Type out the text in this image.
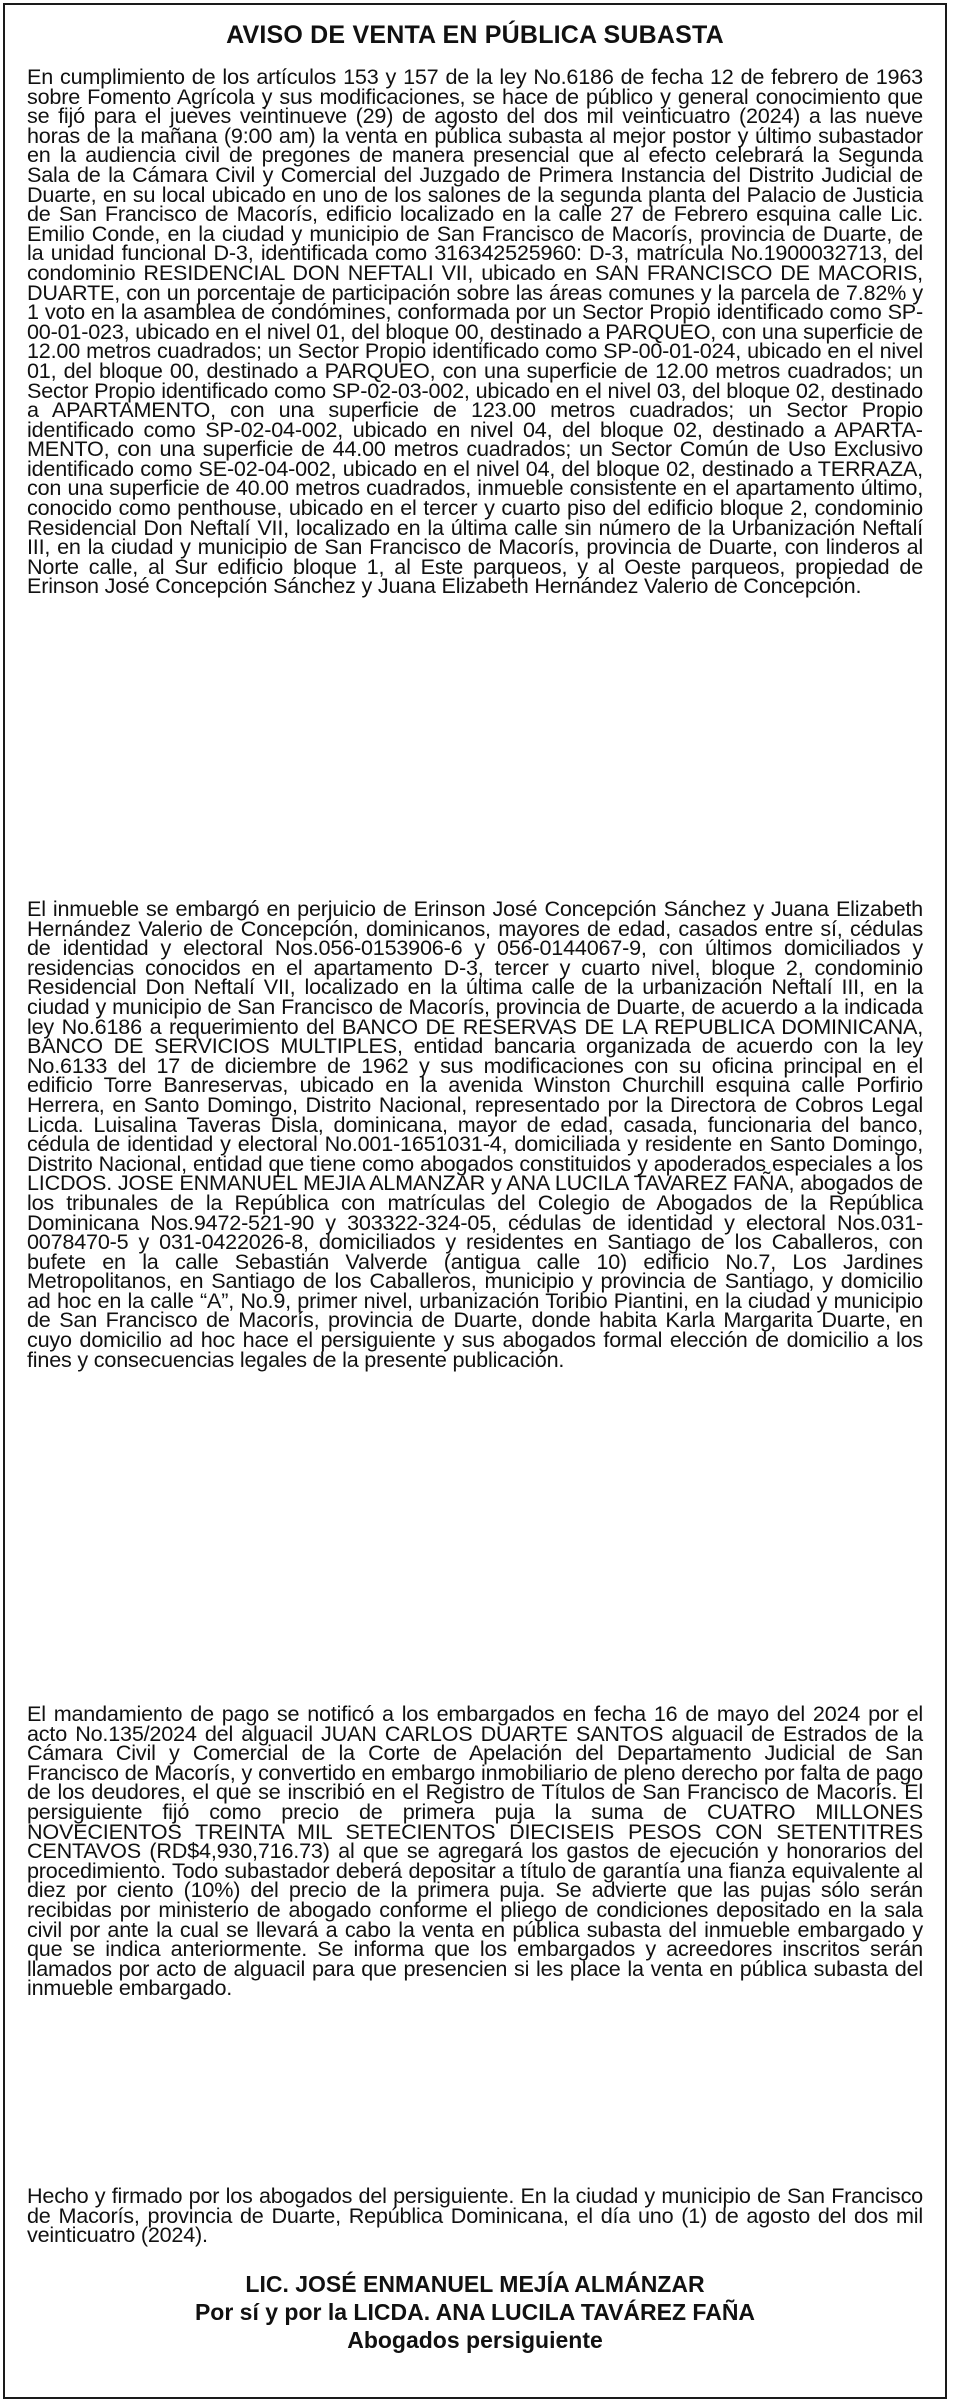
AVISO DE VENTA EN PÚBLICA SUBASTA

En cumplimiento de los artículos 153 y 157 de la ley No.6186 de fecha 12 de febrero de 1963 sobre Fomento Agrícola y sus modificaciones, se hace de público y general conocimiento que se fijó para el jueves veintinueve (29) de agosto del dos mil veinticuatro (2024) a las nueve horas de la mañana (9:00 am) la venta en pública subasta al mejor postor y último subastador en la audiencia civil de pregones de manera presencial que al efecto celebrará la Segunda Sala de la Cámara Civil y Comercial del Juzgado de Primera Instancia del Distrito Judicial de Duarte, en su local ubicado en uno de los salones de la segunda planta del Palacio de Justicia de San Francisco de Macorís, edificio localizado en la calle 27 de Febrero esquina calle Lic. Emilio Conde, en la ciudad y municipio de San Francisco de Macorís, provincia de Duarte, de la unidad funcional D-3, identificada como 316342525960: D-3, matrícula No.1900032713, del condominio RESIDENCIAL DON NEFTALI VII, ubicado en SAN FRANCISCO DE MACORIS, DUARTE, con un porcentaje de participación sobre las áreas comunes y la parcela de 7.82% y 1 voto en la asamblea de condómines, conformada por un Sector Propio identificado como SP-00-01-023, ubicado en el nivel 01, del bloque 00, destinado a PARQUEO, con una superficie de 12.00 metros cuadrados; un Sector Propio identificado como SP-00-01-024, ubicado en el nivel 01, del bloque 00, destinado a PARQUEO, con una superficie de 12.00 metros cuadrados; un Sector Propio identificado como SP-02-03-002, ubicado en el nivel 03, del bloque 02, destinado a APARTAMENTO, con una superficie de 123.00 metros cuadrados; un Sector Propio identificado como SP-02-04-002, ubicado en nivel 04, del bloque 02, destinado a APARTAMENTO, con una superficie de 44.00 metros cuadrados; un Sector Común de Uso Exclusivo identificado como SE-02-04-002, ubicado en el nivel 04, del bloque 02, destinado a TERRAZA, con una superficie de 40.00 metros cuadrados, inmueble consistente en el apartamento último, conocido como penthouse, ubicado en el tercer y cuarto piso del edificio bloque 2, condominio Residencial Don Neftalí VII, localizado en la última calle sin número de la Urbanización Neftalí III, en la ciudad y municipio de San Francisco de Macorís, provincia de Duarte, con linderos al Norte calle, al Sur edificio bloque 1, al Este parqueos, y al Oeste parqueos, propiedad de Erinson José Concepción Sánchez y Juana Elizabeth Hernández Valerio de Concepción.

El inmueble se embargó en perjuicio de Erinson José Concepción Sánchez y Juana Elizabeth Hernández Valerio de Concepción, dominicanos, mayores de edad, casados entre sí, cédulas de identidad y electoral Nos.056-0153906-6 y 056-0144067-9, con últimos domiciliados y residencias conocidos en el apartamento D-3, tercer y cuarto nivel, bloque 2, condominio Residencial Don Neftalí VII, localizado en la última calle de la urbanización Neftalí III, en la ciudad y municipio de San Francisco de Macorís, provincia de Duarte, de acuerdo a la indicada ley No.6186 a requerimiento del BANCO DE RESERVAS DE LA REPUBLICA DOMINICANA, BANCO DE SERVICIOS MULTIPLES, entidad bancaria organizada de acuerdo con la ley No.6133 del 17 de diciembre de 1962 y sus modificaciones con su oficina principal en el edificio Torre Banreservas, ubicado en la avenida Winston Churchill esquina calle Porfirio Herrera, en Santo Domingo, Distrito Nacional, representado por la Directora de Cobros Legal Licda. Luisalina Taveras Disla, dominicana, mayor de edad, casada, funcionaria del banco, cédula de identidad y electoral No.001-1651031-4, domiciliada y residente en Santo Domingo, Distrito Nacional, entidad que tiene como abogados constituidos y apoderados especiales a los LICDOS. JOSE ENMANUEL MEJIA ALMANZAR y ANA LUCILA TAVAREZ FAÑA, abogados de los tribunales de la República con matrículas del Colegio de Abogados de la República Dominicana Nos.9472-521-90 y 303322-324-05, cédulas de identidad y electoral Nos.031-0078470-5 y 031-0422026-8, domiciliados y residentes en Santiago de los Caballeros, con bufete en la calle Sebastián Valverde (antigua calle 10) edificio No.7, Los Jardines Metropolitanos, en Santiago de los Caballeros, municipio y provincia de Santiago, y domicilio ad hoc en la calle “A”, No.9, primer nivel, urbanización Toribio Piantini, en la ciudad y municipio de San Francisco de Macorís, provincia de Duarte, donde habita Karla Margarita Duarte, en cuyo domicilio ad hoc hace el persiguiente y sus abogados formal elección de domicilio a los fines y consecuencias legales de la presente publicación.

El mandamiento de pago se notificó a los embargados en fecha 16 de mayo del 2024 por el acto No.135/2024 del alguacil JUAN CARLOS DUARTE SANTOS alguacil de Estrados de la Cámara Civil y Comercial de la Corte de Apelación del Departamento Judicial de San Francisco de Macorís, y convertido en embargo inmobiliario de pleno derecho por falta de pago de los deudores, el que se inscribió en el Registro de Títulos de San Francisco de Macorís. El persiguiente fijó como precio de primera puja la suma de CUATRO MILLONES NOVECIENTOS TREINTA MIL SETECIENTOS DIECISEIS PESOS CON SETENTITRES CENTAVOS (RD$4,930,716.73) al que se agregará los gastos de ejecución y honorarios del procedimiento. Todo subastador deberá depositar a título de garantía una fianza equivalente al diez por ciento (10%) del precio de la primera puja. Se advierte que las pujas sólo serán recibidas por ministerio de abogado conforme el pliego de condiciones depositado en la sala civil por ante la cual se llevará a cabo la venta en pública subasta del inmueble embargado y que se indica anteriormente. Se informa que los embargados y acreedores inscritos serán llamados por acto de alguacil para que presencien si les place la venta en pública subasta del inmueble embargado.

Hecho y firmado por los abogados del persiguiente. En la ciudad y municipio de San Francisco de Macorís, provincia de Duarte, República Dominicana, el día uno (1) de agosto del dos mil veinticuatro (2024).

LIC. JOSÉ ENMANUEL MEJÍA ALMÁNZAR
Por sí y por la LICDA. ANA LUCILA TAVÁREZ FAÑA
Abogados persiguiente
